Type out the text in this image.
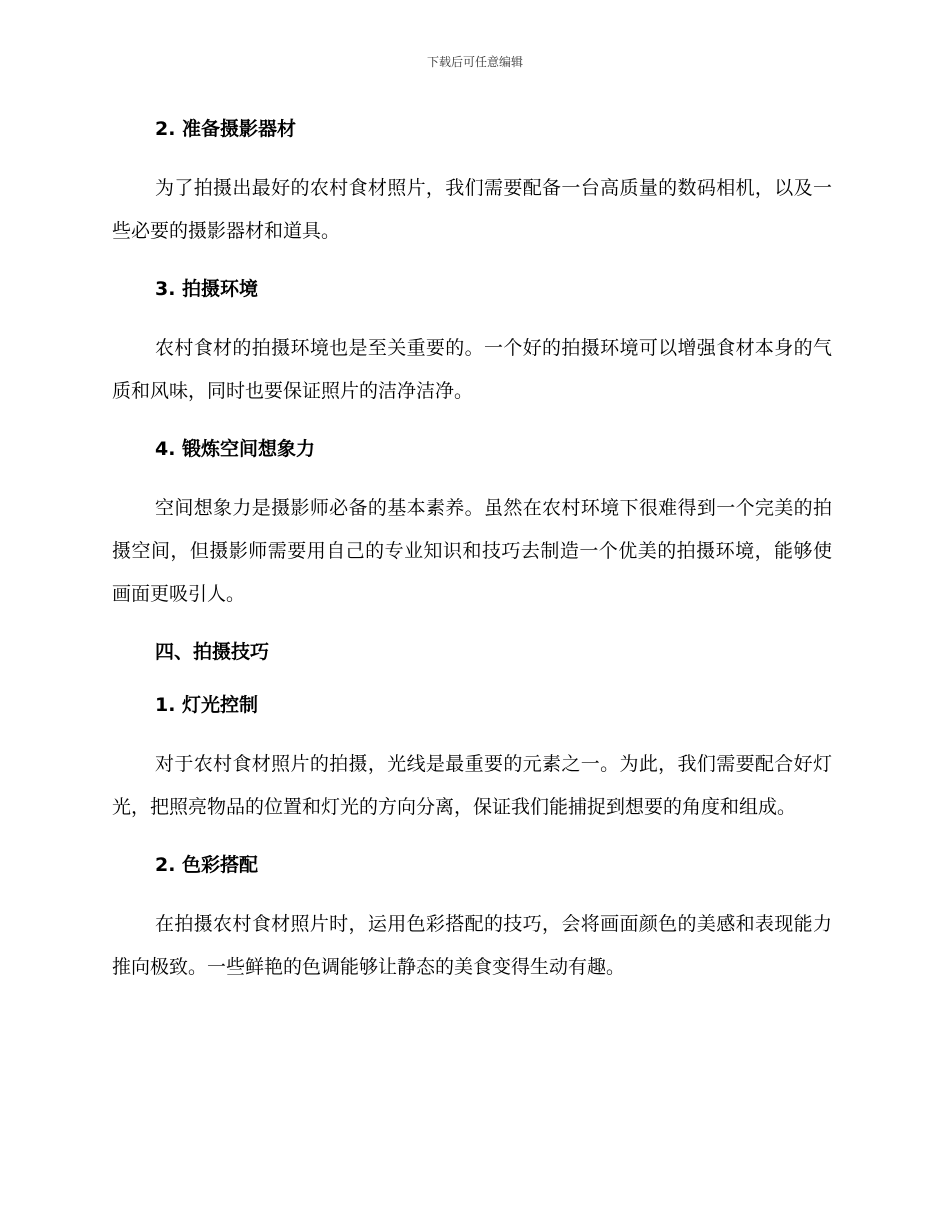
下载后可任意编辑
2. 准备摄影器材
为了拍摄出最好的农村食材照片，我们需要配备一台高质量的数码相机，以及一些必要的摄影器材和道具。
3. 拍摄环境
农村食材的拍摄环境也是至关重要的。一个好的拍摄环境可以增强食材本身的气质和风味，同时也要保证照片的洁净洁净。
4. 锻炼空间想象力
空间想象力是摄影师必备的基本素养。虽然在农村环境下很难得到一个完美的拍摄空间，但摄影师需要用自己的专业知识和技巧去制造一个优美的拍摄环境，能够使画面更吸引人。
四、拍摄技巧
1. 灯光控制
对于农村食材照片的拍摄，光线是最重要的元素之一。为此，我们需要配合好灯光，把照亮物品的位置和灯光的方向分离，保证我们能捕捉到想要的角度和组成。
2. 色彩搭配
在拍摄农村食材照片时，运用色彩搭配的技巧，会将画面颜色的美感和表现能力推向极致。一些鲜艳的色调能够让静态的美食变得生动有趣。
